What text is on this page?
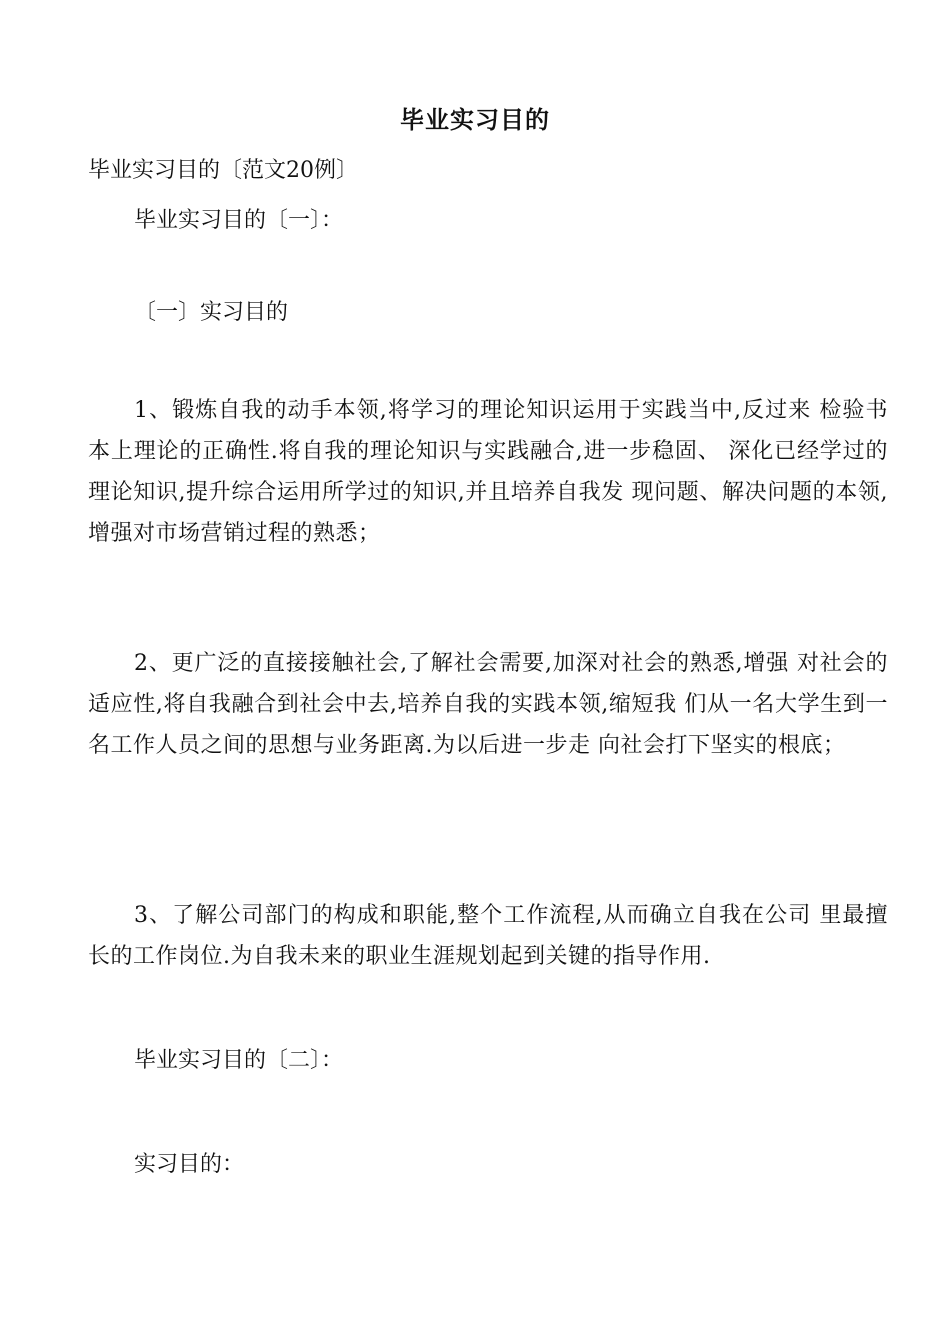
毕业实习目的
毕业实习目的〔范文20例〕
毕业实习目的〔一〕：
〔一〕实习目的
1、锻炼自我的动手本领,将学习的理论知识运用于实践当中,反过来 检验书本上理论的正确性.将自我的理论知识与实践融合,进一步稳固、 深化已经学过的理论知识,提升综合运用所学过的知识,并且培养自我发 现问题、解决问题的本领,增强对市场营销过程的熟悉；
2、更广泛的直接接触社会,了解社会需要,加深对社会的熟悉,增强 对社会的适应性,将自我融合到社会中去,培养自我的实践本领,缩短我 们从一名大学生到一名工作人员之间的思想与业务距离.为以后进一步走 向社会打下坚实的根底；
3、了解公司部门的构成和职能,整个工作流程,从而确立自我在公司 里最擅长的工作岗位.为自我未来的职业生涯规划起到关键的指导作用.
毕业实习目的〔二〕：
实习目的：
